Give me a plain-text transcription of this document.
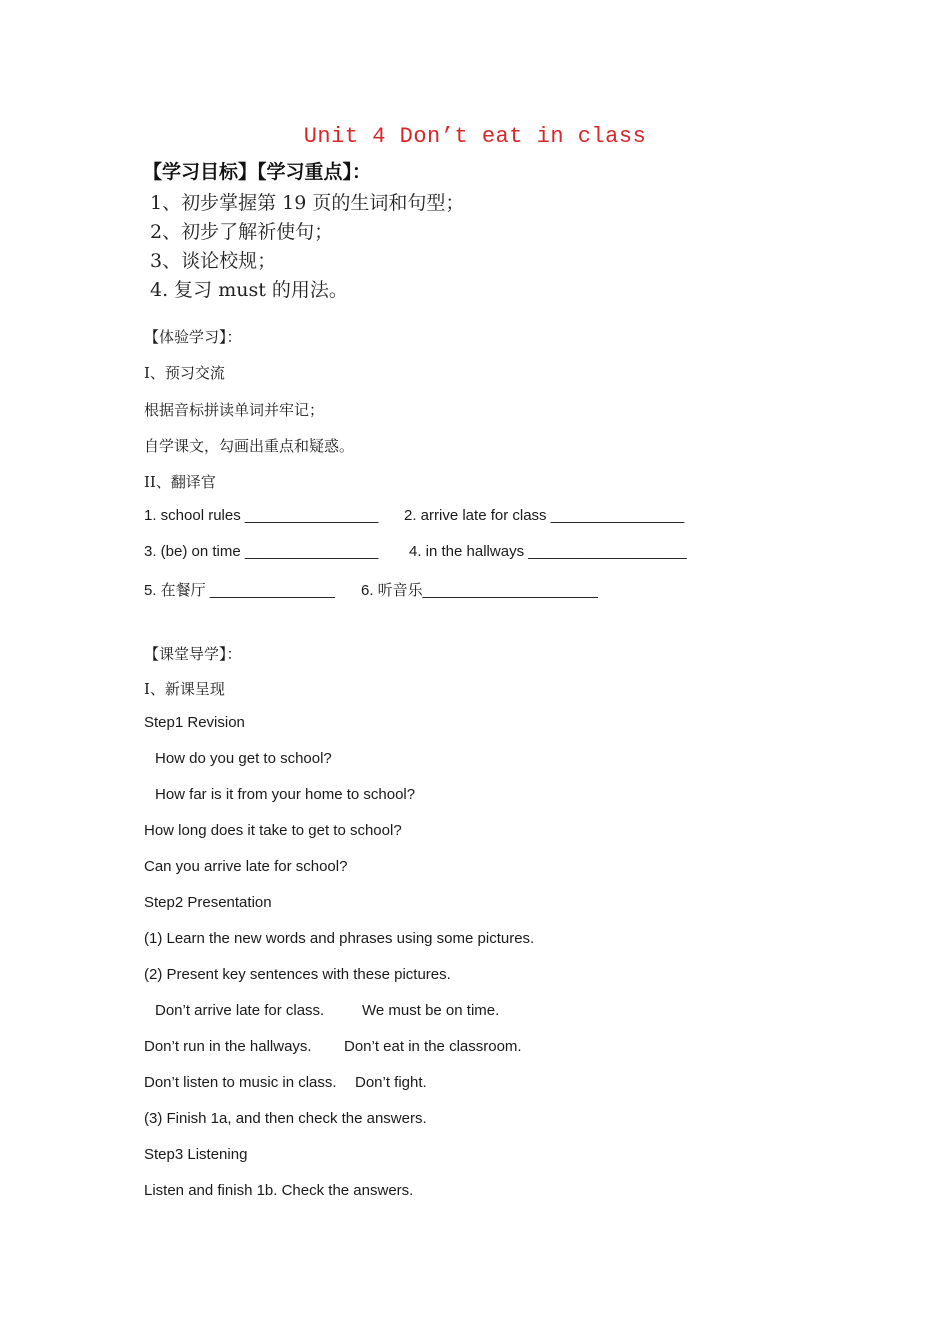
Unit 4 Don’t eat in class
【学习目标】【学习重点】：
1、初步掌握第 19 页的生词和句型；
2、初步了解祈使句；
3、谈论校规；
4. 复习 must 的用法。
【体验学习】：
I、预习交流
根据音标拼读单词并牢记；
自学课文，勾画出重点和疑惑。
II、翻译官
1. school rules ________________ 2. arrive late for class ________________
3. (be) on time ________________ 4. in the hallways ___________________
5. 在餐厅 _______________ 6. 听音乐_____________________
【课堂导学】：
I、新课呈现
Step1 Revision
How do you get to school?
How far is it from your home to school?
How long does it take to get to school?
Can you arrive late for school?
Step2 Presentation
(1) Learn the new words and phrases using some pictures.
(2) Present key sentences with these pictures.
Don’t arrive late for class.	We must be on time.
Don’t run in the hallways. Don’t eat in the classroom.
Don’t listen to music in class. Don’t fight.
(3) Finish 1a, and then check the answers.
Step3 Listening
Listen and finish 1b. Check the answers.
